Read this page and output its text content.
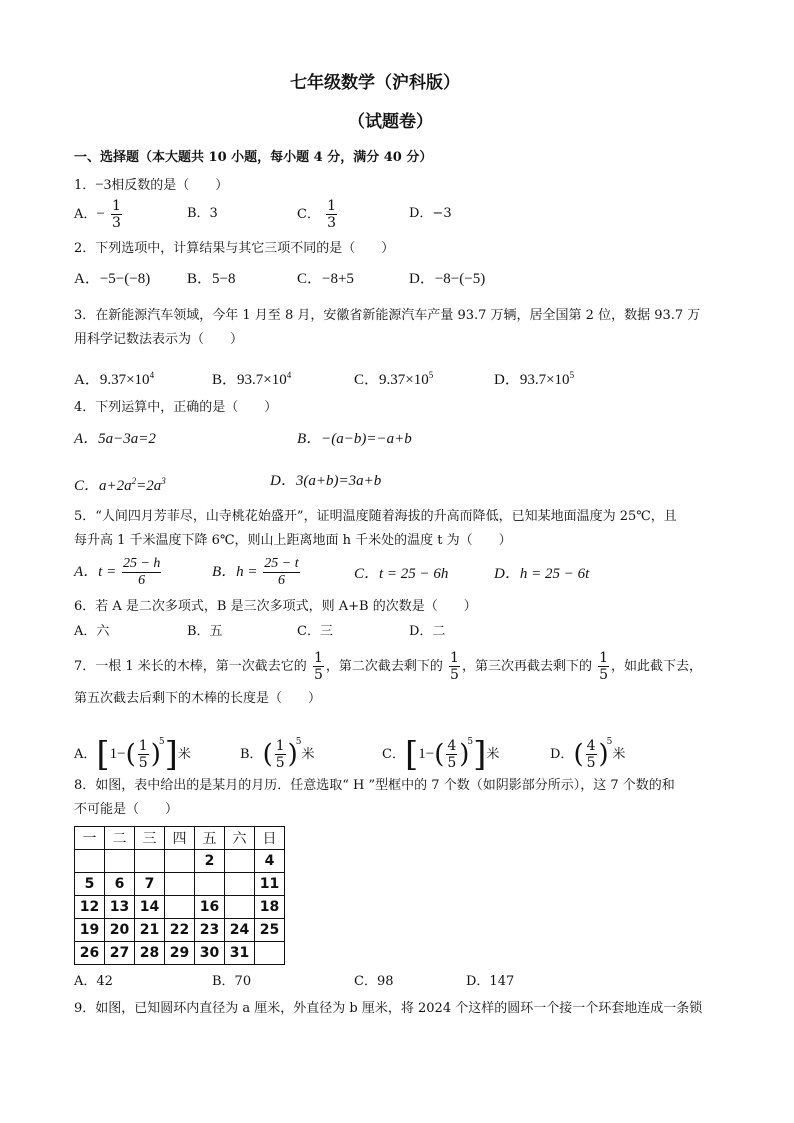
七年级数学（沪科版）
（试题卷）
一、选择题（本大题共 10 小题，每小题 4 分，满分 40 分）
1．−3相反数的是（　　）
A．− $\frac{1}{3}$	B．3	C． $\frac{1}{3}$	D．−3
2．下列选项中，计算结果与其它三项不同的是（　　）
A．−5−(−8) B．5−8	C．−8+5	D．−8−(−5)
3．在新能源汽车领域，今年 1 月至 8 月，安徽省新能源汽车产量 93.7 万辆，居全国第 2 位，数据 93.7 万
用科学记数法表示为（　　）
A．$9.37\times 10^4$	B．$93.7\times 10^4$	C．$9.37\times 10^5$	D．$93.7\times 10^5$
4．下列运算中，正确的是（　　）
A．5a−3a=2	B．−(a−b)=−a+b
C．$a+2a^2=2a^3$	D．3(a+b)=3a+b
5．“人间四月芳菲尽，山寺桃花始盛开”，证明温度随着海拔的升高而降低，已知某地面温度为 25℃，且
每升高 1 千米温度下降 6℃，则山上距离地面 h 千米处的温度 t 为（　　）
A．$t = \frac{25 - h}{6}$	B．$h = \frac{25 - t}{6}$	C．t = 25 − 6h	D．h = 25 − 6t
6．若 A 是二次多项式，B 是三次多项式，则 A+B 的次数是（　　）
A．六	B．五	C．三	D．二
7．一根 1 米长的木棒，第一次截去它的 $\frac{1}{5}$ ，第二次截去剩下的 $\frac{1}{5}$ ，第三次再截去剩下的 $\frac{1}{5}$ ，如此截下去，
第五次截去后剩下的木棒的长度是（　　）
A．$[1-( \frac{1}{5} )^5]$米	B．( $\frac{1}{5} )^5$米	C．$[1-( \frac{4}{5} )^5]$米	D．( $\frac{4}{5} )^5$米
8．如图，表中给出的是某月的月历．任意选取“ H ”型框中的 7 个数（如阴影部分所示），这 7 个数的和
不可能是（　　）
一	二	三	四	五	六	日
				2		4
5	6	7				11
12	13	14		16		18
19	20	21	22	23	24	25
26	27	28	29	30	31	
A．42	B．70	C．98	D．147
9．如图，已知圆环内直径为 a 厘米，外直径为 b 厘米，将 2024 个这样的圆环一个接一个环套地连成一条锁
